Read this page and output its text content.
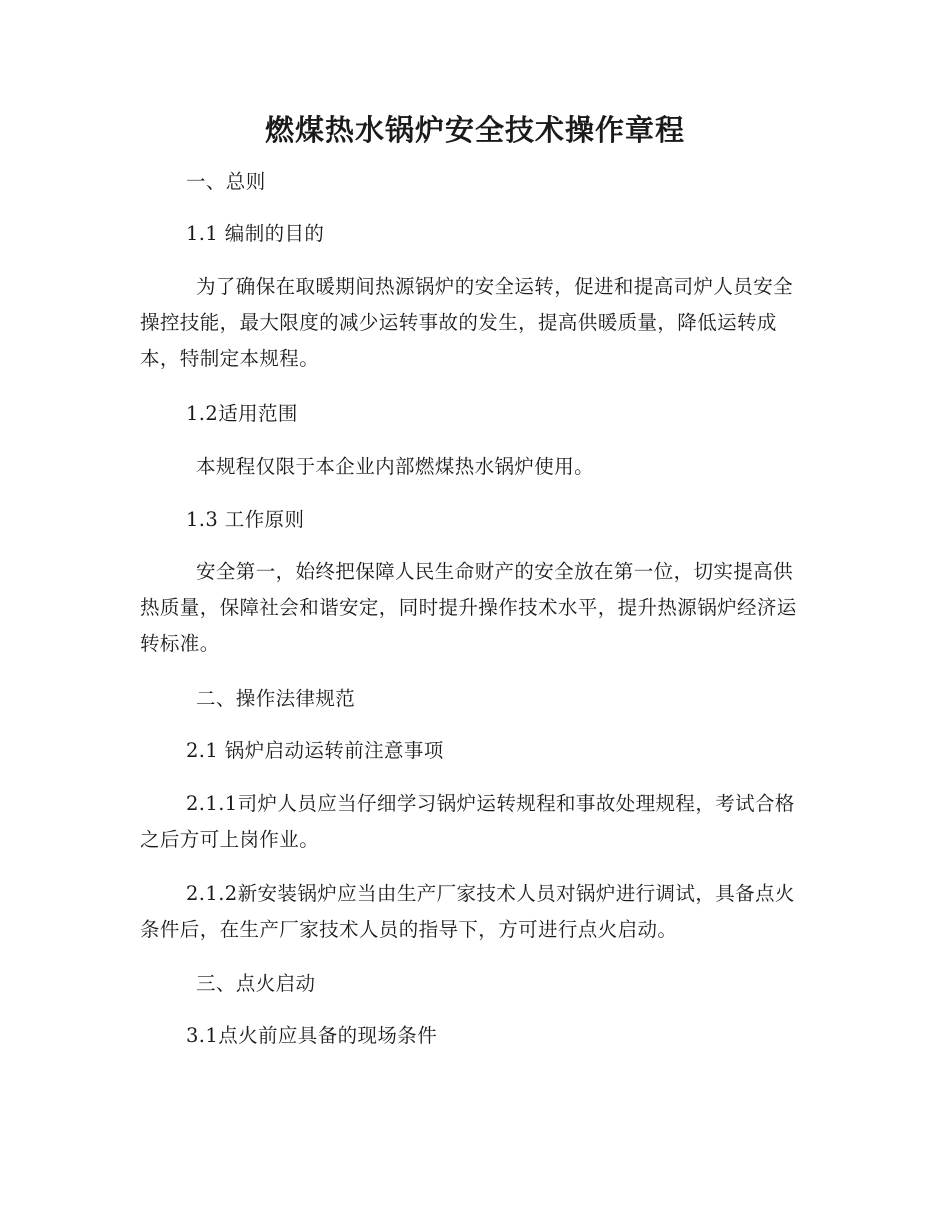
燃煤热水锅炉安全技术操作章程
一、总则
1.1 编制的目的
为了确保在取暖期间热源锅炉的安全运转，促进和提高司炉人员安全操控技能，最大限度的减少运转事故的发生，提高供暖质量，降低运转成本，特制定本规程。
1.2适用范围
本规程仅限于本企业内部燃煤热水锅炉使用。
1.3 工作原则
安全第一，始终把保障人民生命财产的安全放在第一位，切实提高供热质量，保障社会和谐安定，同时提升操作技术水平，提升热源锅炉经济运转标准。
二、操作法律规范
2.1 锅炉启动运转前注意事项
2.1.1司炉人员应当仔细学习锅炉运转规程和事故处理规程，考试合格之后方可上岗作业。
2.1.2新安装锅炉应当由生产厂家技术人员对锅炉进行调试，具备点火条件后，在生产厂家技术人员的指导下，方可进行点火启动。
三、点火启动
3.1点火前应具备的现场条件
